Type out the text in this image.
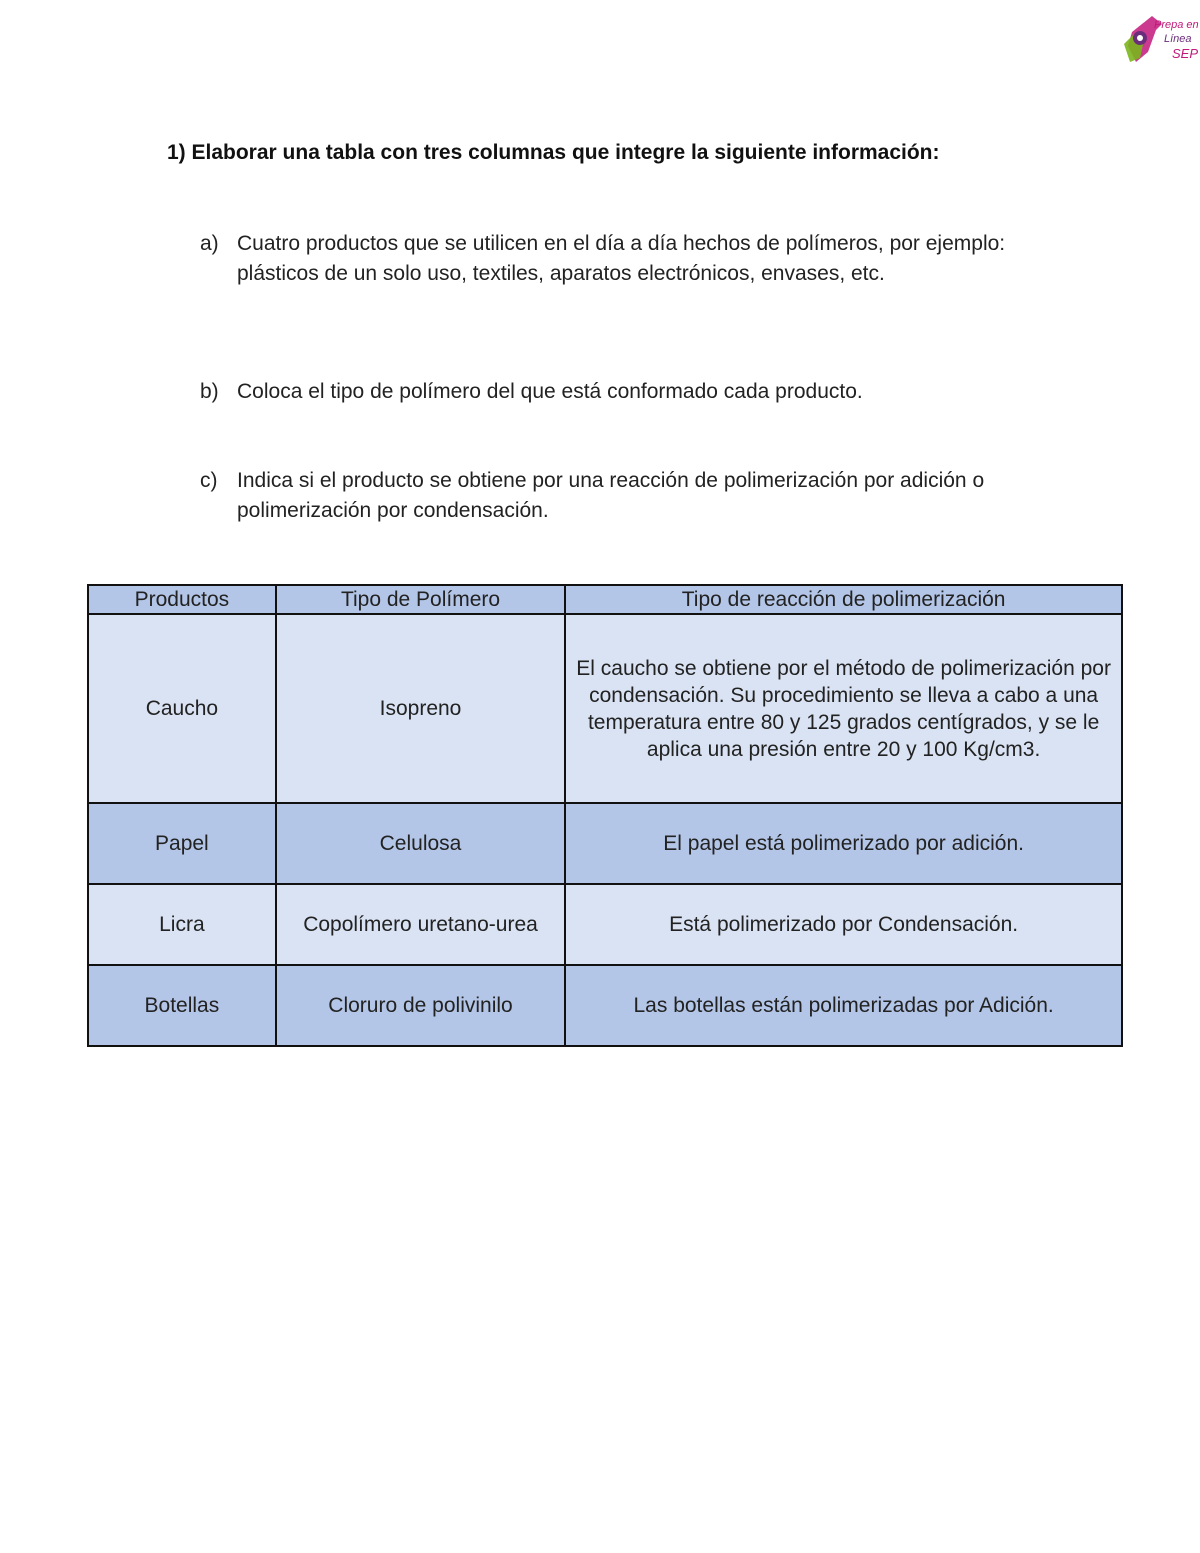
Prepa en
Línea
SEP
1) Elaborar una tabla con tres columnas que integre la siguiente información:
a) Cuatro productos que se utilicen en el día a día hechos de polímeros, por ejemplo: plásticos de un solo uso, textiles, aparatos electrónicos, envases, etc.
b) Coloca el tipo de polímero del que está conformado cada producto.
c) Indica si el producto se obtiene por una reacción de polimerización por adición o polimerización por condensación.
Productos	Tipo de Polímero	Tipo de reacción de polimerización
Caucho	Isopreno	El caucho se obtiene por el método de polimerización por condensación. Su procedimiento se lleva a cabo a una temperatura entre 80 y 125 grados centígrados, y se le aplica una presión entre 20 y 100 Kg/cm3.
Papel	Celulosa	El papel está polimerizado por adición.
Licra	Copolímero uretano-urea	Está polimerizado por Condensación.
Botellas	Cloruro de polivinilo	Las botellas están polimerizadas por Adición.
